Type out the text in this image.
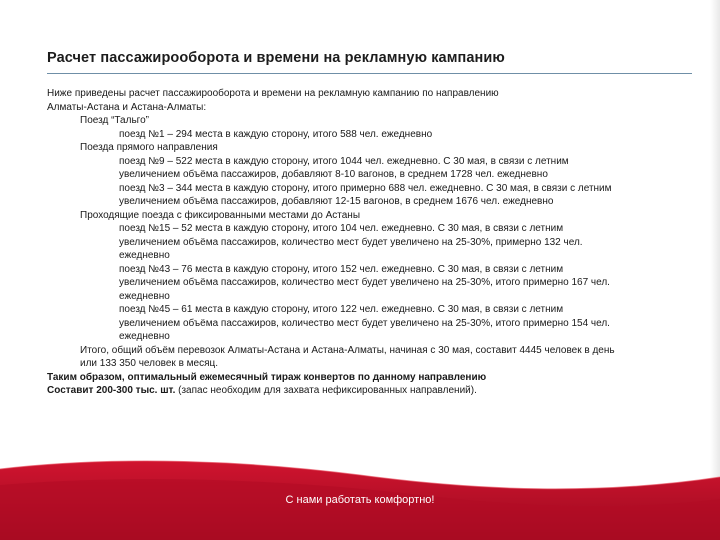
Расчет пассажирооборота и времени на рекламную кампанию
Ниже приведены расчет пассажирооборота и времени на рекламную кампанию по направлению
Алматы-Астана и Астана-Алматы:
Поезд “Тальго”
поезд №1 – 294 места в каждую сторону, итого 588 чел. ежедневно
Поезда прямого направления
поезд №9 – 522 места в каждую сторону, итого 1044 чел. ежедневно. С 30 мая, в связи с летним
увеличением объёма пассажиров, добавляют 8-10 вагонов, в среднем 1728 чел. ежедневно
поезд №3 – 344 места в каждую сторону, итого примерно 688 чел. ежедневно. С 30 мая, в связи с летним
увеличением объёма пассажиров, добавляют 12-15 вагонов, в среднем 1676 чел. ежедневно
Проходящие поезда с фиксированными местами до Астаны
поезд №15 – 52 места в каждую сторону, итого 104 чел. ежедневно. С 30 мая, в связи с летним
увеличением объёма пассажиров, количество мест будет увеличено на 25-30%, примерно 132 чел.
ежедневно
поезд №43 – 76 места в каждую сторону, итого 152 чел. ежедневно. С 30 мая, в связи с летним
увеличением объёма пассажиров, количество мест будет увеличено на 25-30%, итого примерно 167 чел.
ежедневно
поезд №45 – 61 места в каждую сторону, итого 122 чел. ежедневно. С 30 мая, в связи с летним
увеличением объёма пассажиров, количество мест будет увеличено на 25-30%, итого примерно 154 чел.
ежедневно
Итого, общий объём перевозок Алматы-Астана и Астана-Алматы, начиная с 30 мая, составит 4445 человек в день
или 133 350 человек в месяц.
Таким образом, оптимальный ежемесячный тираж конвертов по данному направлению
Составит 200-300 тыс. шт. (запас необходим для захвата нефиксированных направлений).
С нами работать комфортно!
